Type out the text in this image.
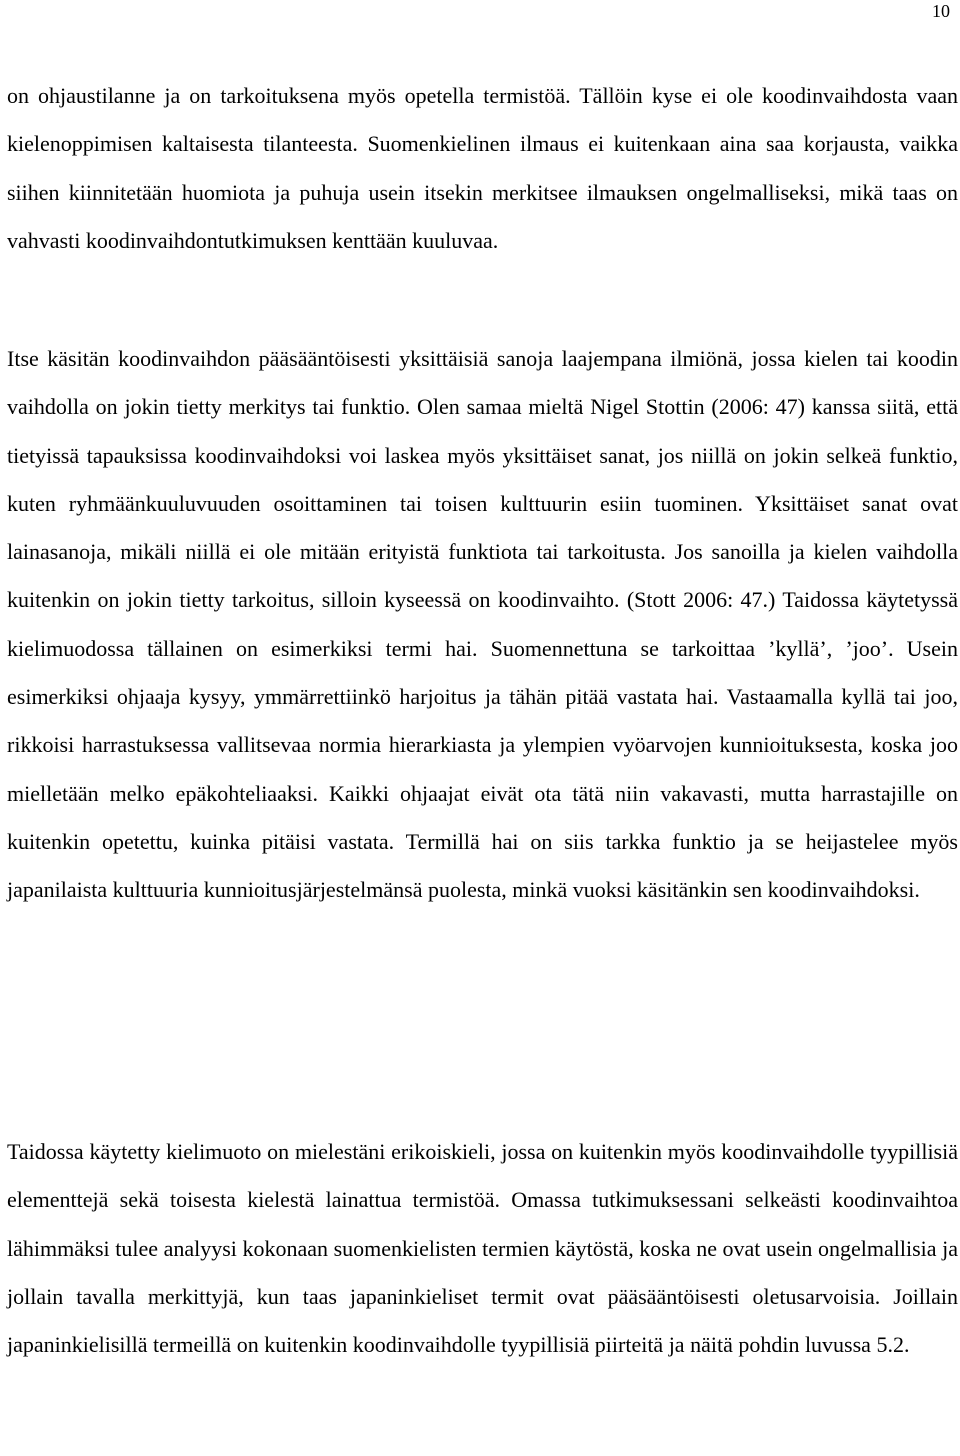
10

on ohjaustilanne ja on tarkoituksena myös opetella termistöä. Tällöin kyse ei ole koodinvaihdosta vaan kielenoppimisen kaltaisesta tilanteesta. Suomenkielinen ilmaus ei kuitenkaan aina saa korjausta, vaikka siihen kiinnitetään huomiota ja puhuja usein itsekin merkitsee ilmauksen ongelmalliseksi, mikä taas on vahvasti koodinvaihdontutkimuksen kenttään kuuluvaa.

Itse käsitän koodinvaihdon pääsääntöisesti yksittäisiä sanoja laajempana ilmiönä, jossa kielen tai koodin vaihdolla on jokin tietty merkitys tai funktio. Olen samaa mieltä Nigel Stottin (2006: 47) kanssa siitä, että tietyissä tapauksissa koodinvaihdoksi voi laskea myös yksittäiset sanat, jos niillä on jokin selkeä funktio, kuten ryhmäänkuuluvuuden osoittaminen tai toisen kulttuurin esiin tuominen. Yksittäiset sanat ovat lainasanoja, mikäli niillä ei ole mitään erityistä funktiota tai tarkoitusta. Jos sanoilla ja kielen vaihdolla kuitenkin on jokin tietty tarkoitus, silloin kyseessä on koodinvaihto. (Stott 2006: 47.) Taidossa käytetyssä kielimuodossa tällainen on esimerkiksi termi hai. Suomennettuna se tarkoittaa ’kyllä’, ’joo’. Usein esimerkiksi ohjaaja kysyy, ymmärrettiinkö harjoitus ja tähän pitää vastata hai. Vastaamalla kyllä tai joo, rikkoisi harrastuksessa vallitsevaa normia hierarkiasta ja ylempien vyöarvojen kunnioituksesta, koska joo mielletään melko epäkohteliaaksi. Kaikki ohjaajat eivät ota tätä niin vakavasti, mutta harrastajille on kuitenkin opetettu, kuinka pitäisi vastata. Termillä hai on siis tarkka funktio ja se heijastelee myös japanilaista kulttuuria kunnioitusjärjestelmänsä puolesta, minkä vuoksi käsitänkin sen koodinvaihdoksi.

Taidossa käytetty kielimuoto on mielestäni erikoiskieli, jossa on kuitenkin myös koodinvaihdolle tyypillisiä elementtejä sekä toisesta kielestä lainattua termistöä. Omassa tutkimuksessani selkeästi koodinvaihtoa lähimmäksi tulee analyysi kokonaan suomenkielisten termien käytöstä, koska ne ovat usein ongelmallisia ja jollain tavalla merkittyjä, kun taas japaninkieliset termit ovat pääsääntöisesti oletusarvoisia. Joillain japaninkielisillä termeillä on kuitenkin koodinvaihdolle tyypillisiä piirteitä ja näitä pohdin luvussa 5.2.
